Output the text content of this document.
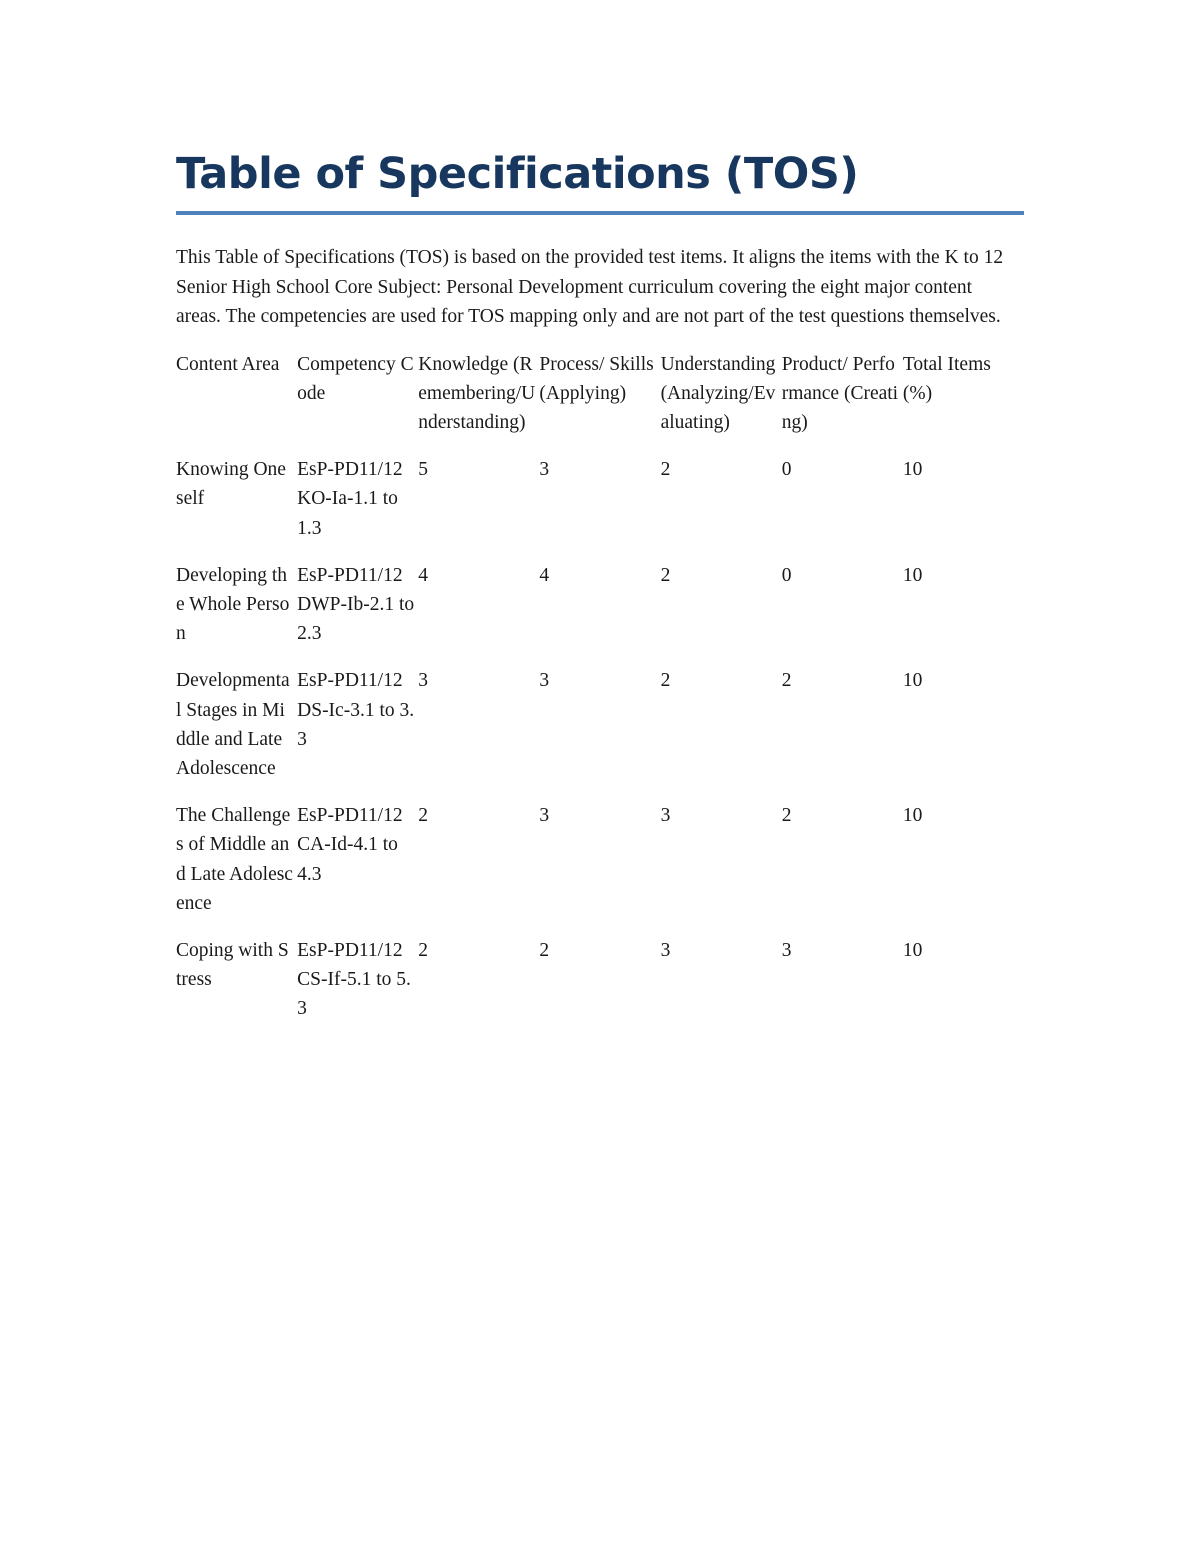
Table of Specifications (TOS)

This Table of Specifications (TOS) is based on the provided test items. It aligns the items with the K to 12 Senior High School Core Subject: Personal Development curriculum covering the eight major content areas. The competencies are used for TOS mapping only and are not part of the test questions themselves.

Content Area	Competency Code	Knowledge (Remembering/Understanding)	Process/ Skills (Applying)	Understanding (Analyzing/Evaluating)	Product/ Performance (Creating)	Total Items (%)
Knowing Oneself	EsP-PD11/12KO-Ia-1.1 to 1.3	5	3	2	0	10
Developing the Whole Person	EsP-PD11/12DWP-Ib-2.1 to 2.3	4	4	2	0	10
Developmental Stages in Middle and Late Adolescence	EsP-PD11/12DS-Ic-3.1 to 3.3	3	3	2	2	10
The Challenges of Middle and Late Adolescence	EsP-PD11/12CA-Id-4.1 to 4.3	2	3	3	2	10
Coping with Stress	EsP-PD11/12CS-If-5.1 to 5.3	2	2	3	3	10
